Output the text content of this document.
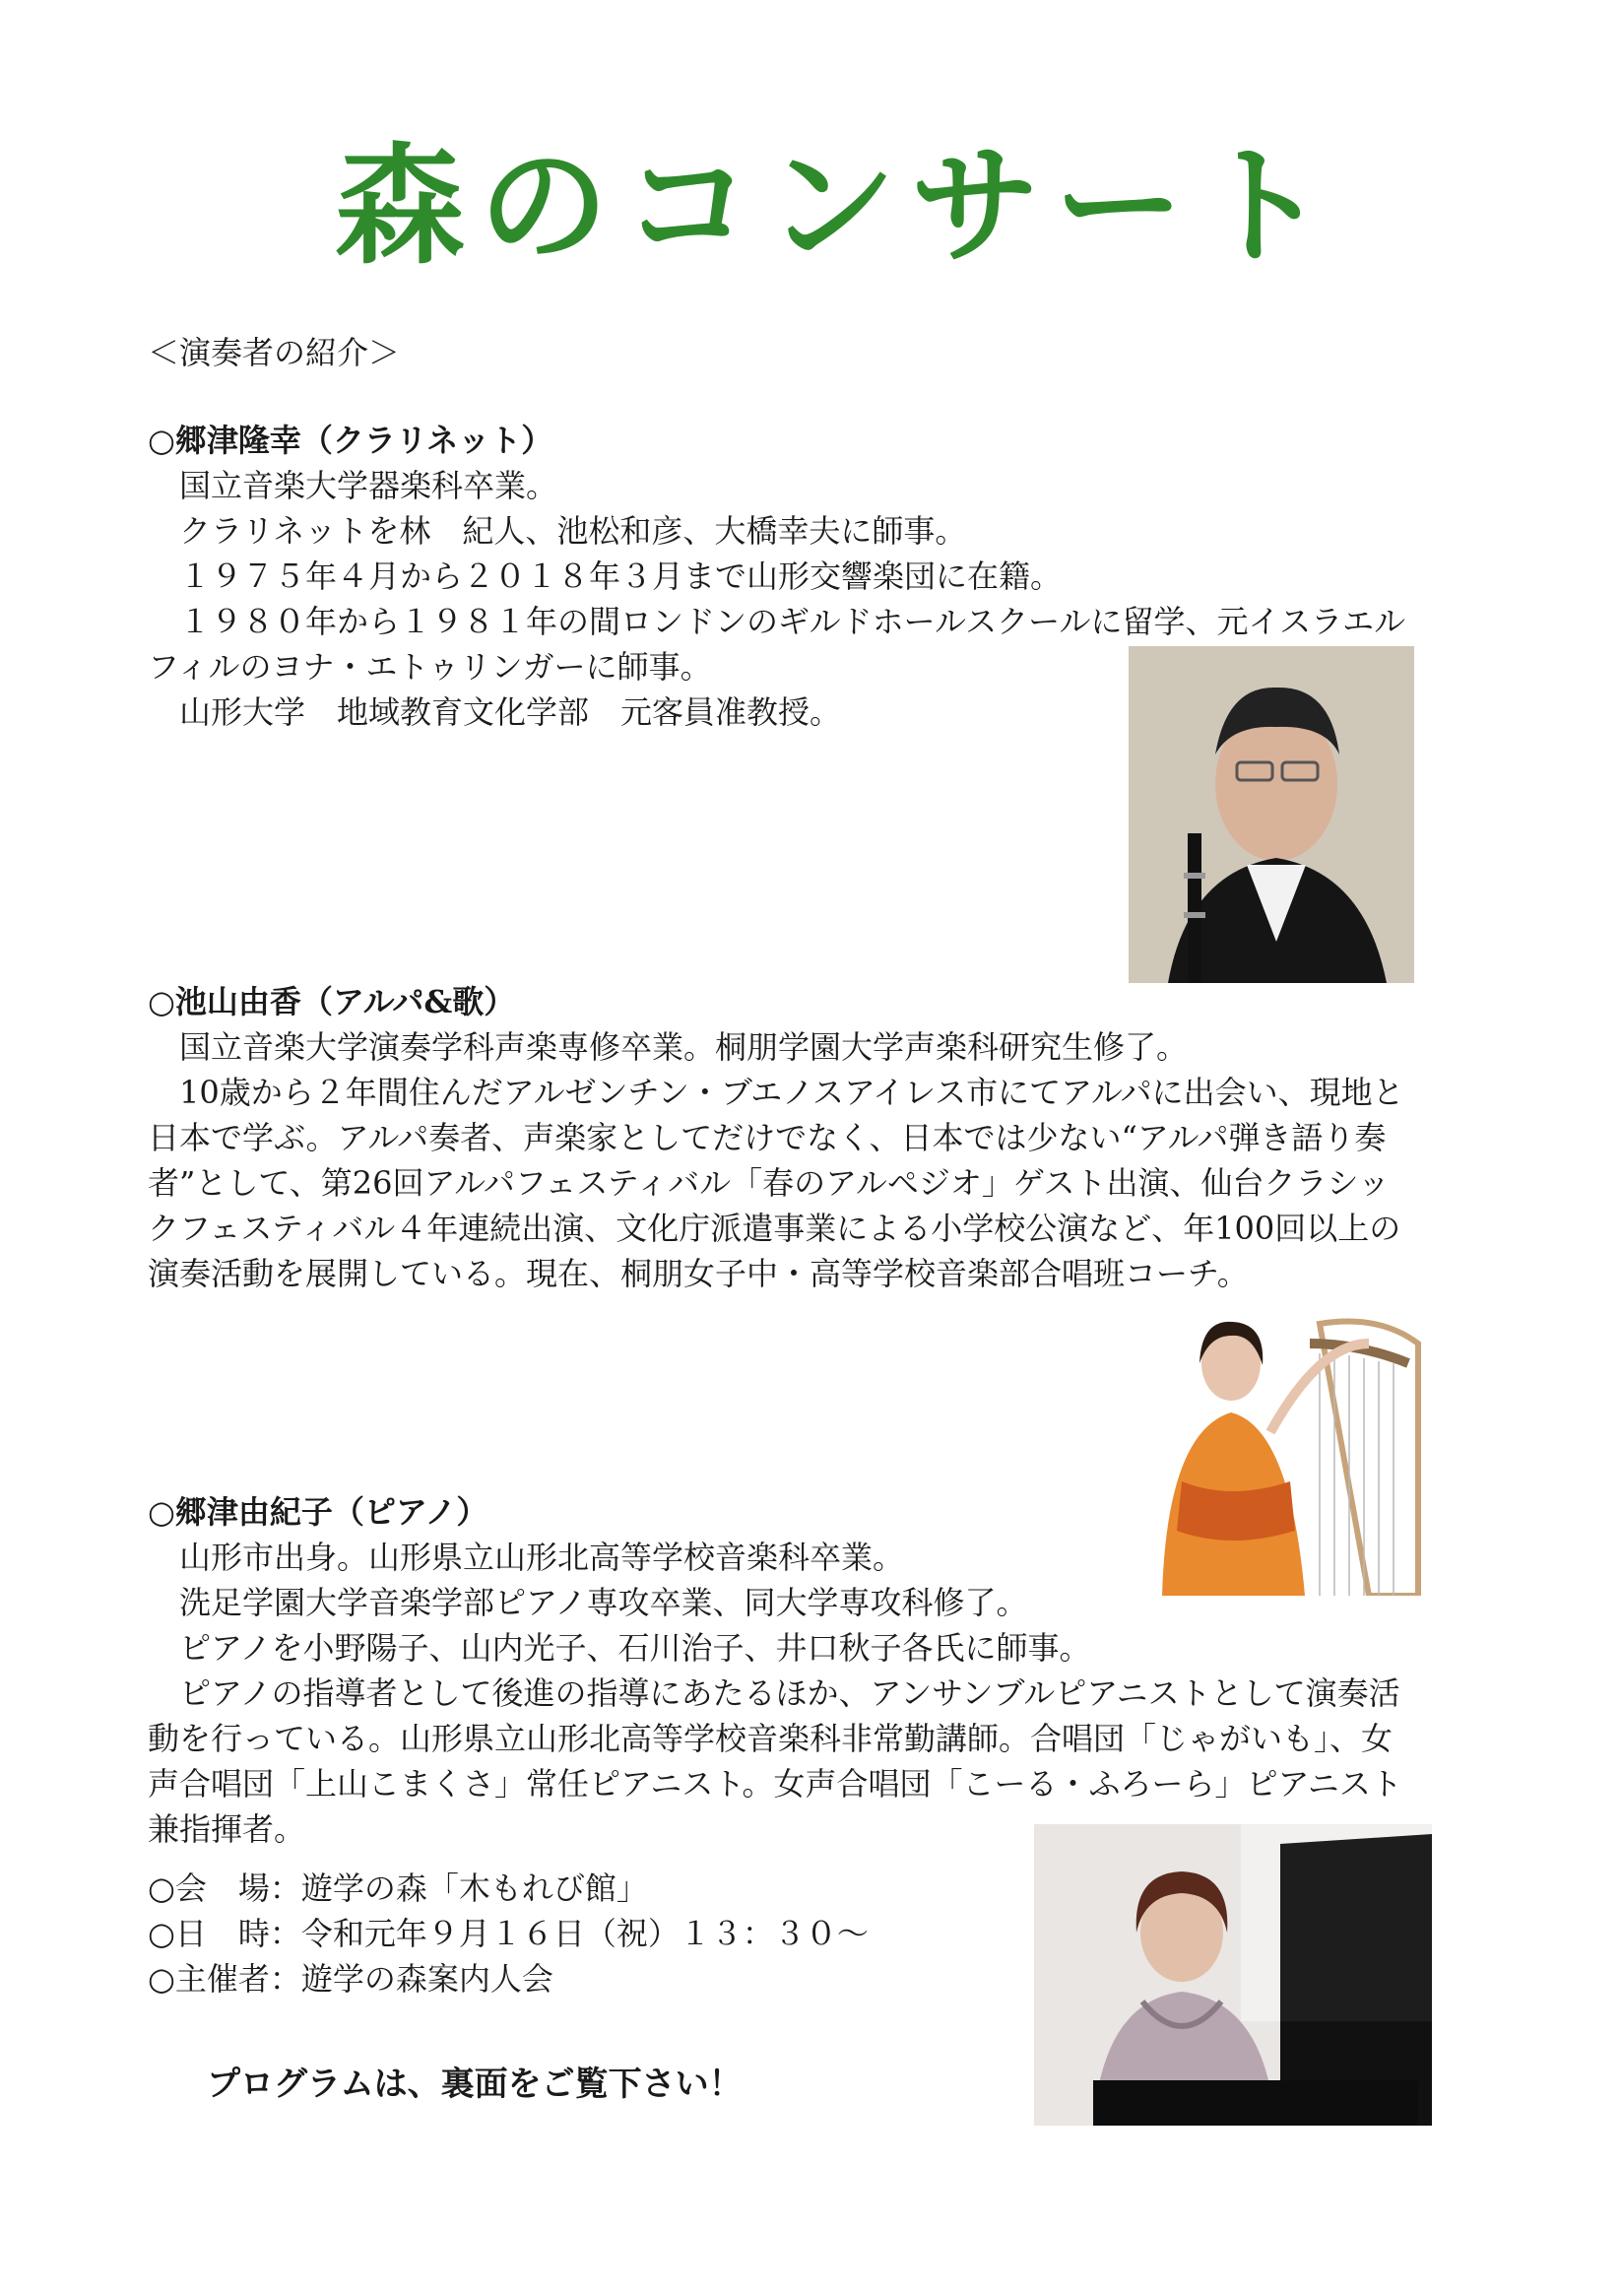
森のコンサート
＜演奏者の紹介＞

○郷津隆幸（クラリネット）

国立音楽大学器楽科卒業。

クラリネットを林　紀人、池松和彦、大橋幸夫に師事。

１９７５年４月から２０１８年３月まで山形交響楽団に在籍。

１９８０年から１９８１年の間ロンドンのギルドホールスクールに留学、元イスラエル

フィルのヨナ・エトゥリンガーに師事。

山形大学　地域教育文化学部　元客員准教授。

○池山由香（アルパ&歌）

国立音楽大学演奏学科声楽専修卒業。桐朋学園大学声楽科研究生修了。

10歳から２年間住んだアルゼンチン・ブエノスアイレス市にてアルパに出会い、現地と

日本で学ぶ。アルパ奏者、声楽家としてだけでなく、日本では少ない“アルパ弾き語り奏

者”として、第26回アルパフェスティバル「春のアルペジオ」ゲスト出演、仙台クラシッ

クフェスティバル４年連続出演、文化庁派遣事業による小学校公演など、年100回以上の

演奏活動を展開している。現在、桐朋女子中・高等学校音楽部合唱班コーチ。

○郷津由紀子（ピアノ）

山形市出身。山形県立山形北高等学校音楽科卒業。

洗足学園大学音楽学部ピアノ専攻卒業、同大学専攻科修了。

ピアノを小野陽子、山内光子、石川治子、井口秋子各氏に師事。

ピアノの指導者として後進の指導にあたるほか、アンサンブルピアニストとして演奏活

動を行っている。山形県立山形北高等学校音楽科非常勤講師。合唱団「じゃがいも」、女

声合唱団「上山こまくさ」常任ピアニスト。女声合唱団「こーる・ふろーら」ピアニスト

兼指揮者。

○会　場：遊学の森「木もれび館」

○日　時：令和元年９月１６日（祝）１３：３０～

○主催者：遊学の森案内人会

プログラムは、裏面をご覧下さい！
